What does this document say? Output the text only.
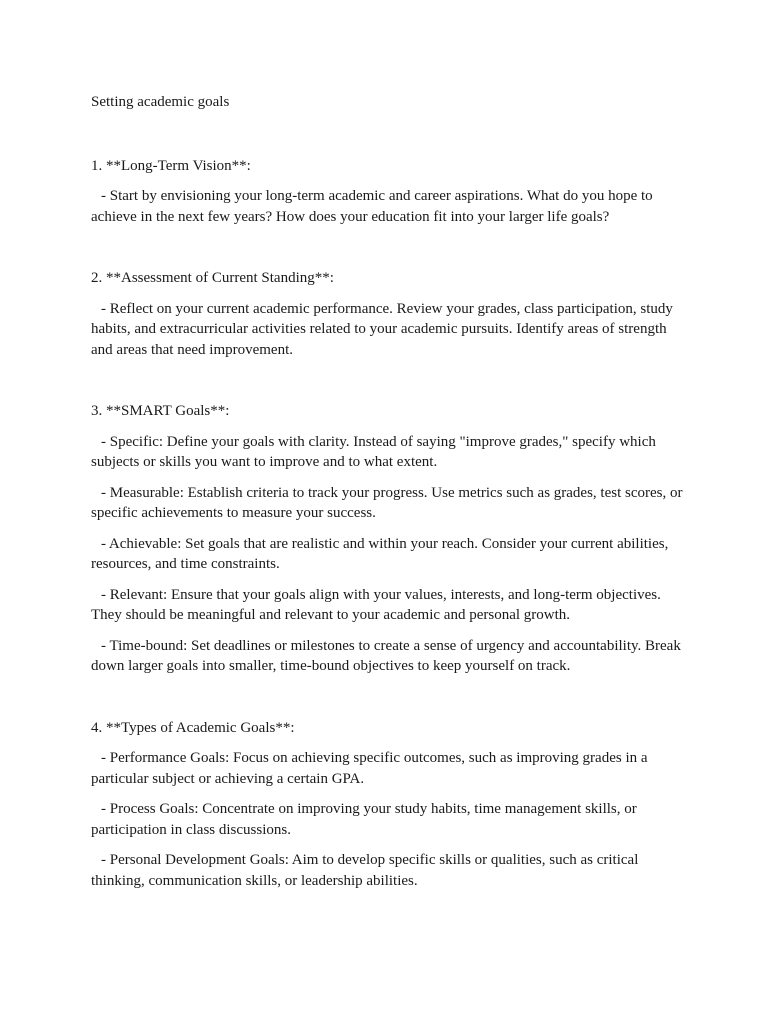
Setting academic goals

1. **Long-Term Vision**:

- Start by envisioning your long-term academic and career aspirations. What do you hope to achieve in the next few years? How does your education fit into your larger life goals?

2. **Assessment of Current Standing**:

- Reflect on your current academic performance. Review your grades, class participation, study habits, and extracurricular activities related to your academic pursuits. Identify areas of strength and areas that need improvement.

3. **SMART Goals**:

- Specific: Define your goals with clarity. Instead of saying "improve grades," specify which subjects or skills you want to improve and to what extent.

- Measurable: Establish criteria to track your progress. Use metrics such as grades, test scores, or specific achievements to measure your success.

- Achievable: Set goals that are realistic and within your reach. Consider your current abilities, resources, and time constraints.

- Relevant: Ensure that your goals align with your values, interests, and long-term objectives. They should be meaningful and relevant to your academic and personal growth.

- Time-bound: Set deadlines or milestones to create a sense of urgency and accountability. Break down larger goals into smaller, time-bound objectives to keep yourself on track.

4. **Types of Academic Goals**:

- Performance Goals: Focus on achieving specific outcomes, such as improving grades in a particular subject or achieving a certain GPA.

- Process Goals: Concentrate on improving your study habits, time management skills, or participation in class discussions.

- Personal Development Goals: Aim to develop specific skills or qualities, such as critical thinking, communication skills, or leadership abilities.
